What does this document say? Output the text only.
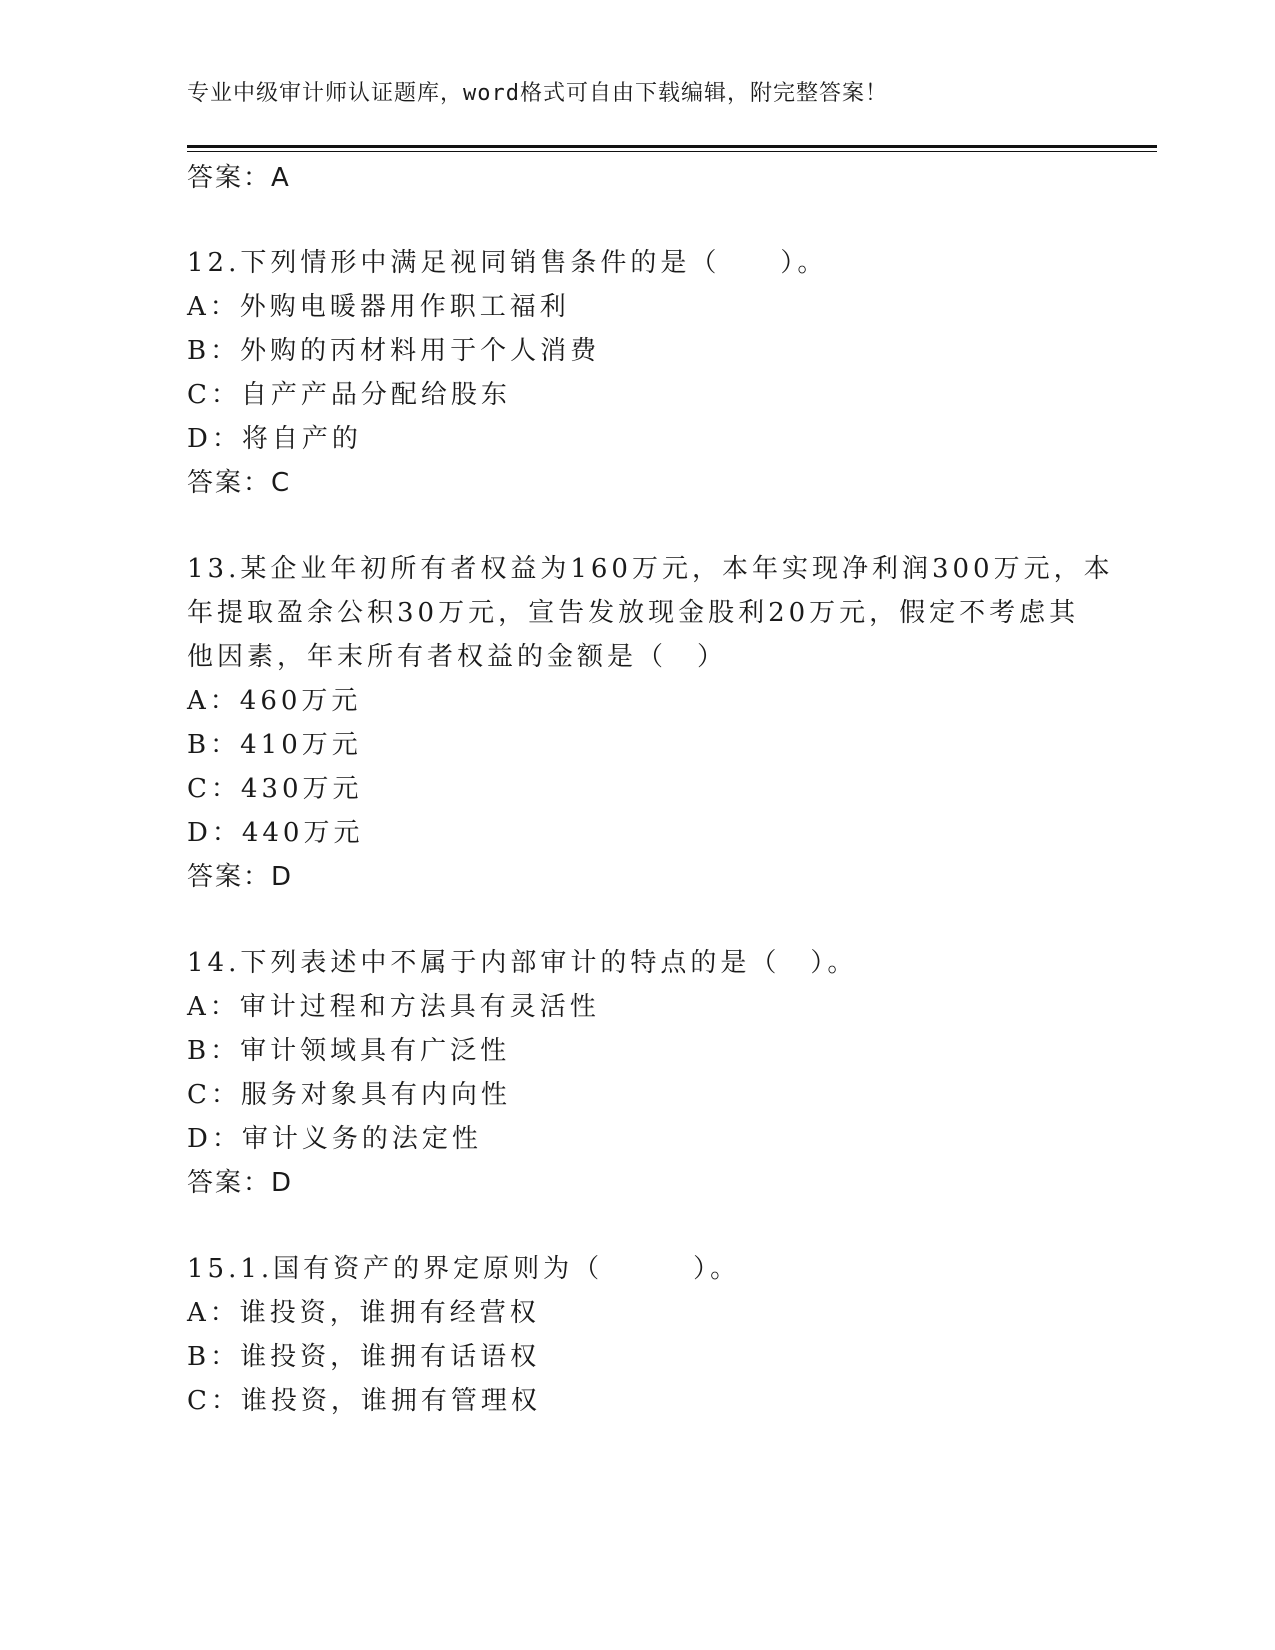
专业中级审计师认证题库，word格式可自由下载编辑，附完整答案！
答案：A
12.下列情形中满足视同销售条件的是（　　）。
A：外购电暖器用作职工福利
B：外购的丙材料用于个人消费
C：自产产品分配给股东
D：将自产的
答案：C
13.某企业年初所有者权益为160万元，本年实现净利润300万元，本
年提取盈余公积30万元，宣告发放现金股利20万元，假定不考虑其
他因素，年末所有者权益的金额是（　）
A：460万元
B：410万元
C：430万元
D：440万元
答案：D
14.下列表述中不属于内部审计的特点的是（　）。
A：审计过程和方法具有灵活性
B：审计领域具有广泛性
C：服务对象具有内向性
D：审计义务的法定性
答案：D
15.1.国有资产的界定原则为（　　　）。
A：谁投资，谁拥有经营权
B：谁投资，谁拥有话语权
C：谁投资，谁拥有管理权
